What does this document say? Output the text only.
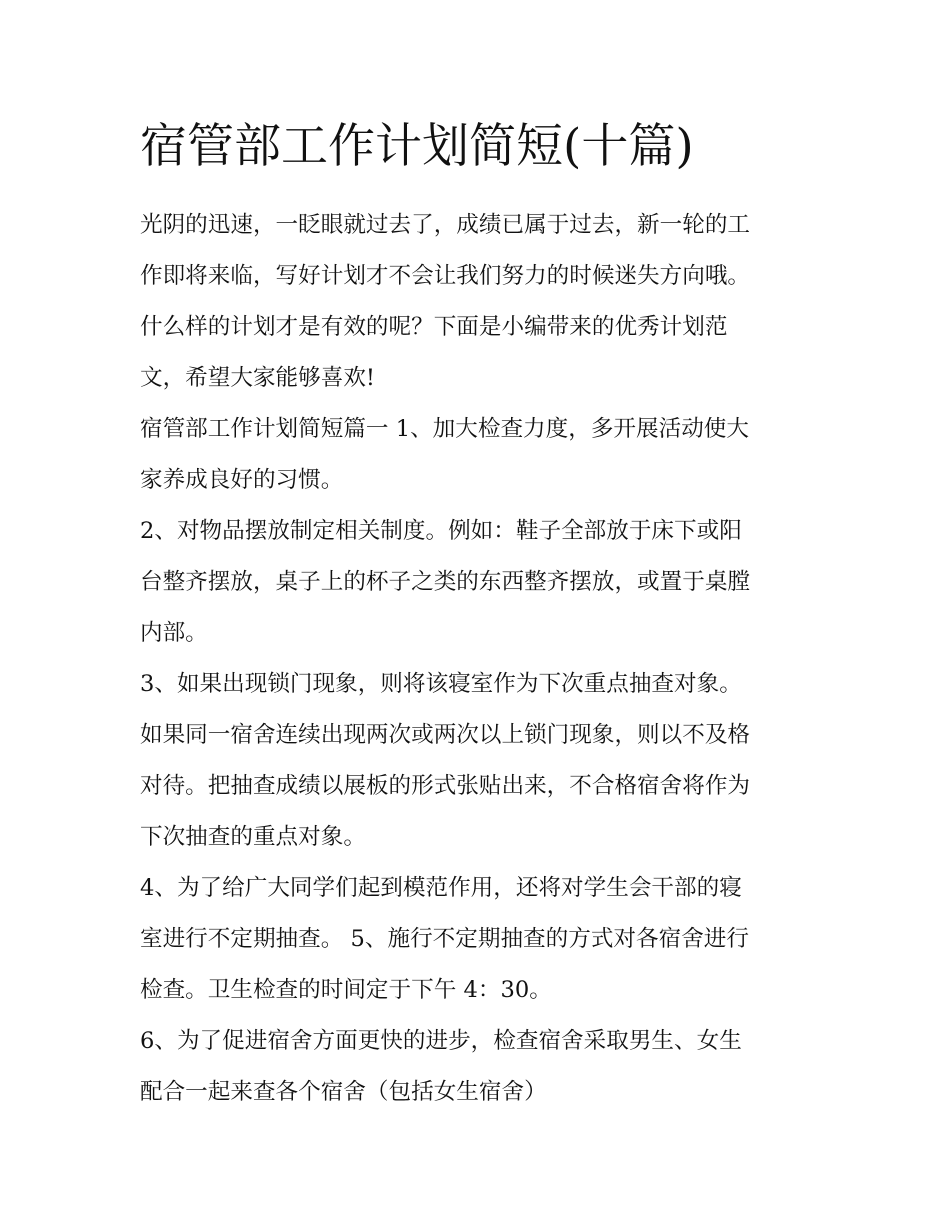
宿管部工作计划简短(十篇)
光阴的迅速，一眨眼就过去了，成绩已属于过去，新一轮的工
作即将来临，写好计划才不会让我们努力的时候迷失方向哦。
什么样的计划才是有效的呢？下面是小编带来的优秀计划范
文，希望大家能够喜欢!
宿管部工作计划简短篇一 1、加大检查力度，多开展活动使大
家养成良好的习惯。
2、对物品摆放制定相关制度。例如：鞋子全部放于床下或阳
台整齐摆放，桌子上的杯子之类的东西整齐摆放，或置于桌膛
内部。
3、如果出现锁门现象，则将该寝室作为下次重点抽查对象。
如果同一宿舍连续出现两次或两次以上锁门现象，则以不及格
对待。把抽查成绩以展板的形式张贴出来，不合格宿舍将作为
下次抽查的重点对象。
4、为了给广大同学们起到模范作用，还将对学生会干部的寝
室进行不定期抽查。 5、施行不定期抽查的方式对各宿舍进行
检查。卫生检查的时间定于下午 4：30。
6、为了促进宿舍方面更快的进步，检查宿舍采取男生、女生
配合一起来查各个宿舍（包括女生宿舍）
